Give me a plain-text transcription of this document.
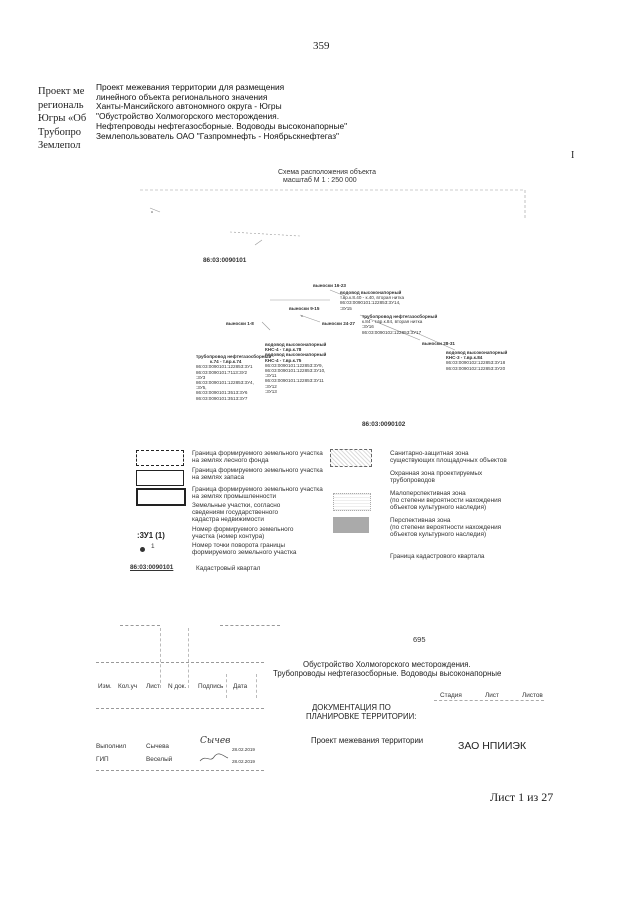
359
Проект ме
региональ
Югры «Об
Трубопро
Землепол
Проект межевания территории для размещения
линейного объекта регионального значения
Ханты-Мансийского автономного округа - Югры
"Обустройство Холмогорского месторождения.
Нефтепроводы нефтегазосборные. Водоводы высоконапорные"
Землепользователь ОАО "Газпромнефть - Ноябрьскнефтегаз"
I
Схема расположения объекта
масштаб М 1 : 250 000
86:03:0090101
выноски 16-23
водовод высоконапорный
т.вр.к.8.40 - к.40, вторая нитка
86:03:0090101:122853:3У14,
:3У15
выноски 9-15
выноски 1-8	выноски 24-27
трубопровод нефтегазосборный
к.84 - т.вр.к.84, вторая нитка
:3У16
86:03:0090102:122853:3У17
выноски 28-31
водовод высоконапорный
КНС-4 - т.вр.к.78
водовод высоконапорный
КНС-4 - т.вр.к.75
86:03:0090101:122853:3У9,
86:03:0090101:122853:3У10,
:3У11
86:03:0090101:122853:3У11
:3У12
:3У13
трубопровод нефтегазосборный
к.74 - т.вр.к.74
86:03:0090101:122853:3У1
86:03:0090101:7113:3У2
:3У3
86:03:0090101:122853:3У4,
:3У5,
86:03:0090101:3513:3У6
86:03:0090101:3513:3У7
водовод высоконапорный
КНС-3 - т.вр.к.84
86:03:0090102:122853:3У18
86:03:0090102:122853:3У20
86:03:0090102
Граница формируемого земельного участка
на землях лесного фонда
Граница формируемого земельного участка
на землях запаса
Граница формируемого земельного участка
на землях промышленности
Земельные участки, согласно
сведениям государственного
кадастра недвижимости
:3У1 (1)
Номер формируемого земельного
участка (номер контура)
1	Номер точки поворота границы
формируемого земельного участка
86:03:0090101	Кадастровый квартал
Санитарно-защитная зона
существующих площадочных объектов
Охранная зона проектируемых
трубопроводов
Малоперспективная зона
(по степени вероятности нахождения
объектов культурного наследия)
Перспективная зона
(по степени вероятности нахождения
объектов культурного наследия)
Граница кадастрового квартала
695
Обустройство Холмогорского месторождения.
Трубопроводы нефтегазосборные. Водоводы высоконапорные
Изм. Кол.уч Лист N док. Подпись Дата
Стадия	Лист	Листов
ДОКУМЕНТАЦИЯ ПО
ПЛАНИРОВКЕ ТЕРРИТОРИИ:
Проект межевания территории	ЗАО НПИИЭК
Выполнил	Сычева
Сычев
28.02.2019
ГИП	Веселый	28.02.2019
Лист 1 из 27
